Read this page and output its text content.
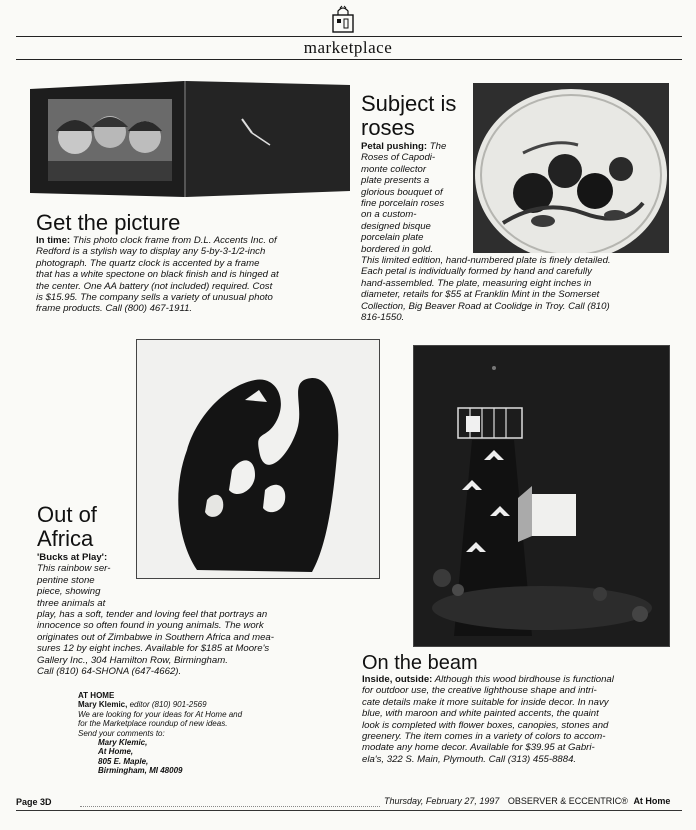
marketplace
Get the picture

In time: This photo clock frame from D.L. Accents Inc. of
Redford is a stylish way to display any 5-by-3-1/2-inch
photograph. The quartz clock is accented by a frame
that has a white spectone on black finish and is hinged at
the center. One AA battery (not included) required. Cost
is $15.95. The company sells a variety of unusual photo
frame products. Call (800) 467-1911.

Subject is
roses

Petal pushing: The
Roses of Capodi-
monte collector
plate presents a
glorious bouquet of
fine porcelain roses
on a custom-
designed bisque
porcelain plate
bordered in gold.
This limited edition, hand-numbered plate is finely detailed.
Each petal is individually formed by hand and carefully
hand-assembled. The plate, measuring eight inches in
diameter, retails for $55 at Franklin Mint in the Somerset
Collection, Big Beaver Road at Coolidge in Troy. Call (810)
816-1550.

Out of
Africa

'Bucks at Play':
This rainbow ser-
pentine stone
piece, showing
three animals at
play, has a soft, tender and loving feel that portrays an
innocence so often found in young animals. The work
originates out of Zimbabwe in Southern Africa and mea-
sures 12 by eight inches. Available for $185 at Moore's
Gallery Inc., 304 Hamilton Row, Birmingham.
Call (810) 64-SHONA (647-4662).	On the beam

Inside, outside: Although this wood birdhouse is functional
for outdoor use, the creative lighthouse shape and intri-
cate details make it more suitable for inside decor. In navy
blue, with maroon and white painted accents, the quaint
look is completed with flower boxes, canopies, stones and
greenery. The item comes in a variety of colors to accom-
modate any home decor. Available for $39.95 at Gabri-
ela's, 322 S. Main, Plymouth. Call (313) 455-8884.

AT HOME
Mary Klemic, editor (810) 901-2569
We are looking for your ideas for At Home and
for the Marketplace roundup of new ideas.
Send your comments to:
Mary Klemic,
At Home,
805 E. Maple,
Birmingham, MI 48009
Page 3D	Thursday, February 27, 1997 OBSERVER & ECCENTRIC® At Home
